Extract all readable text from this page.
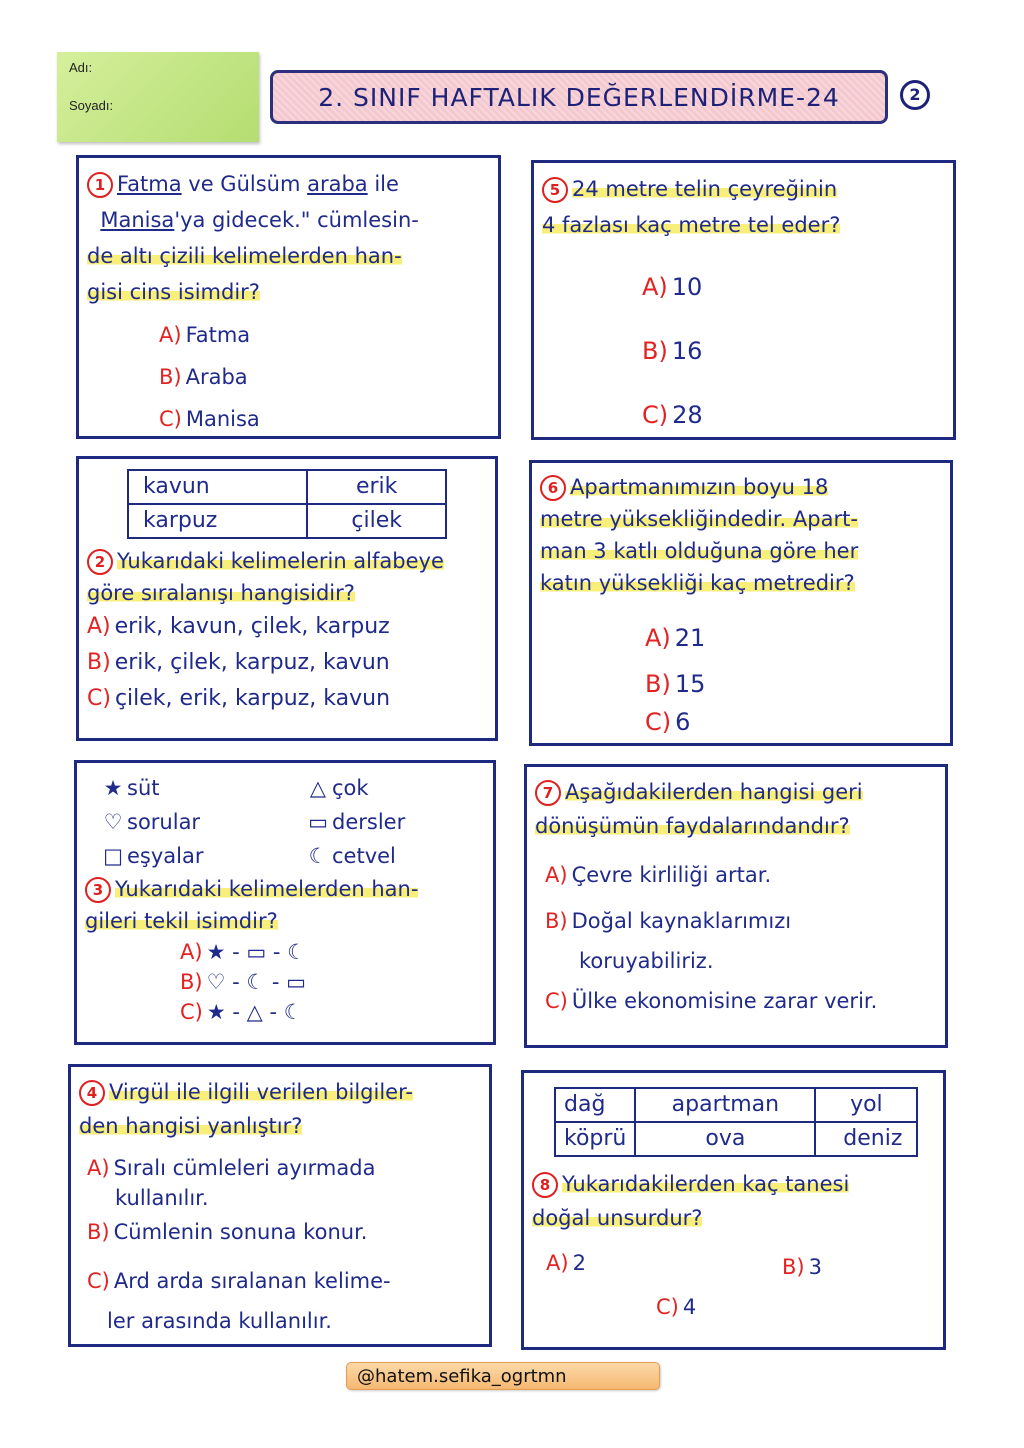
Adı:
Soyadı:	2. SINIF HAFTALIK DEĞERLENDİRME-24	2
1 Fatma ve Gülsüm araba ile
Manisa'ya gidecek." cümlesin-
de altı çizili kelimelerden han-
gisi cins isimdir?
A) Fatma
B) Araba
C) Manisa
5 24 metre telin çeyreğinin
4 fazlası kaç metre tel eder?
A) 10
B) 16
C) 28
kavun	erik
karpuz	çilek
2 Yukarıdaki kelimelerin alfabeye
göre sıralanışı hangisidir?
A) erik, kavun, çilek, karpuz
B) erik, çilek, karpuz, kavun
C) çilek, erik, karpuz, kavun
6 Apartmanımızın boyu 18
metre yüksekliğindedir. Apart-
man 3 katlı olduğuna göre her
katın yüksekliği kaç metredir?
A) 21
B) 15
C) 6
★ süt	△ çok
♡ sorular	▭ dersler
□ eşyalar	☾ cetvel
3 Yukarıdaki kelimelerden han-
gileri tekil isimdir?
A) ★ - ▭ - ☾
B) ♡ - ☾ - ▭
C) ★ - △ - ☾
7 Aşağıdakilerden hangisi geri
dönüşümün faydalarındandır?
A) Çevre kirliliği artar.
B) Doğal kaynaklarımızı
koruyabiliriz.
C) Ülke ekonomisine zarar verir.
4 Virgül ile ilgili verilen bilgiler-
den hangisi yanlıştır?
A) Sıralı cümleleri ayırmada
kullanılır.
B) Cümlenin sonuna konur.
C) Ard arda sıralanan kelime-
ler arasında kullanılır.
dağ	apartman	yol
köprü	ova	deniz
8 Yukarıdakilerden kaç tanesi
doğal unsurdur?
A) 2	B) 3
C) 4
@hatem.sefika_ogrtmn
